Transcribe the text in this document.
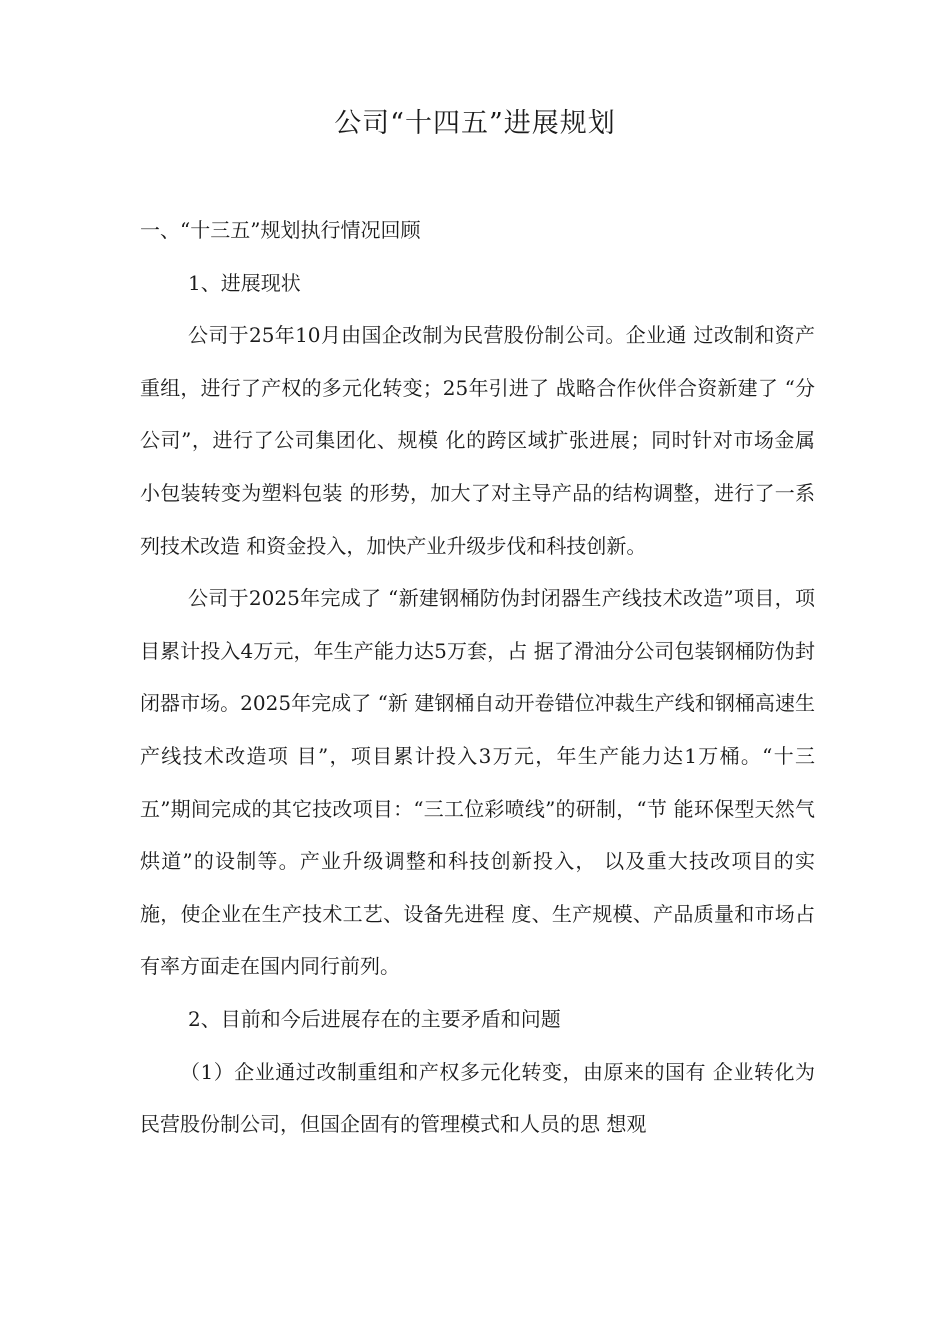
公司“十四五”进展规划

一、“十三五”规划执行情况回顾

1、进展现状

公司于25年10月由国企改制为民营股份制公司。企业通 过改制和资产重组，进行了产权的多元化转变；25年引进了 战略合作伙伴合资新建了 “分公司”，进行了公司集团化、规模 化的跨区域扩张进展；同时针对市场金属小包装转变为塑料包装 的形势，加大了对主导产品的结构调整，进行了一系列技术改造 和资金投入，加快产业升级步伐和科技创新。

公司于2025年完成了 “新建钢桶防伪封闭器生产线技术改造”项目，项目累计投入4万元，年生产能力达5万套，占 据了滑油分公司包装钢桶防伪封闭器市场。2025年完成了 “新 建钢桶自动开卷错位冲裁生产线和钢桶高速生产线技术改造项 目”，项目累计投入3万元，年生产能力达1万桶。“十三 五”期间完成的其它技改项目：“三工位彩喷线”的研制，“节 能环保型天然气烘道”的设制等。产业升级调整和科技创新投入， 以及重大技改项目的实施，使企业在生产技术工艺、设备先进程 度、生产规模、产品质量和市场占有率方面走在国内同行前列。

2、目前和今后进展存在的主要矛盾和问题

（1）企业通过改制重组和产权多元化转变，由原来的国有 企业转化为民营股份制公司，但国企固有的管理模式和人员的思 想观
